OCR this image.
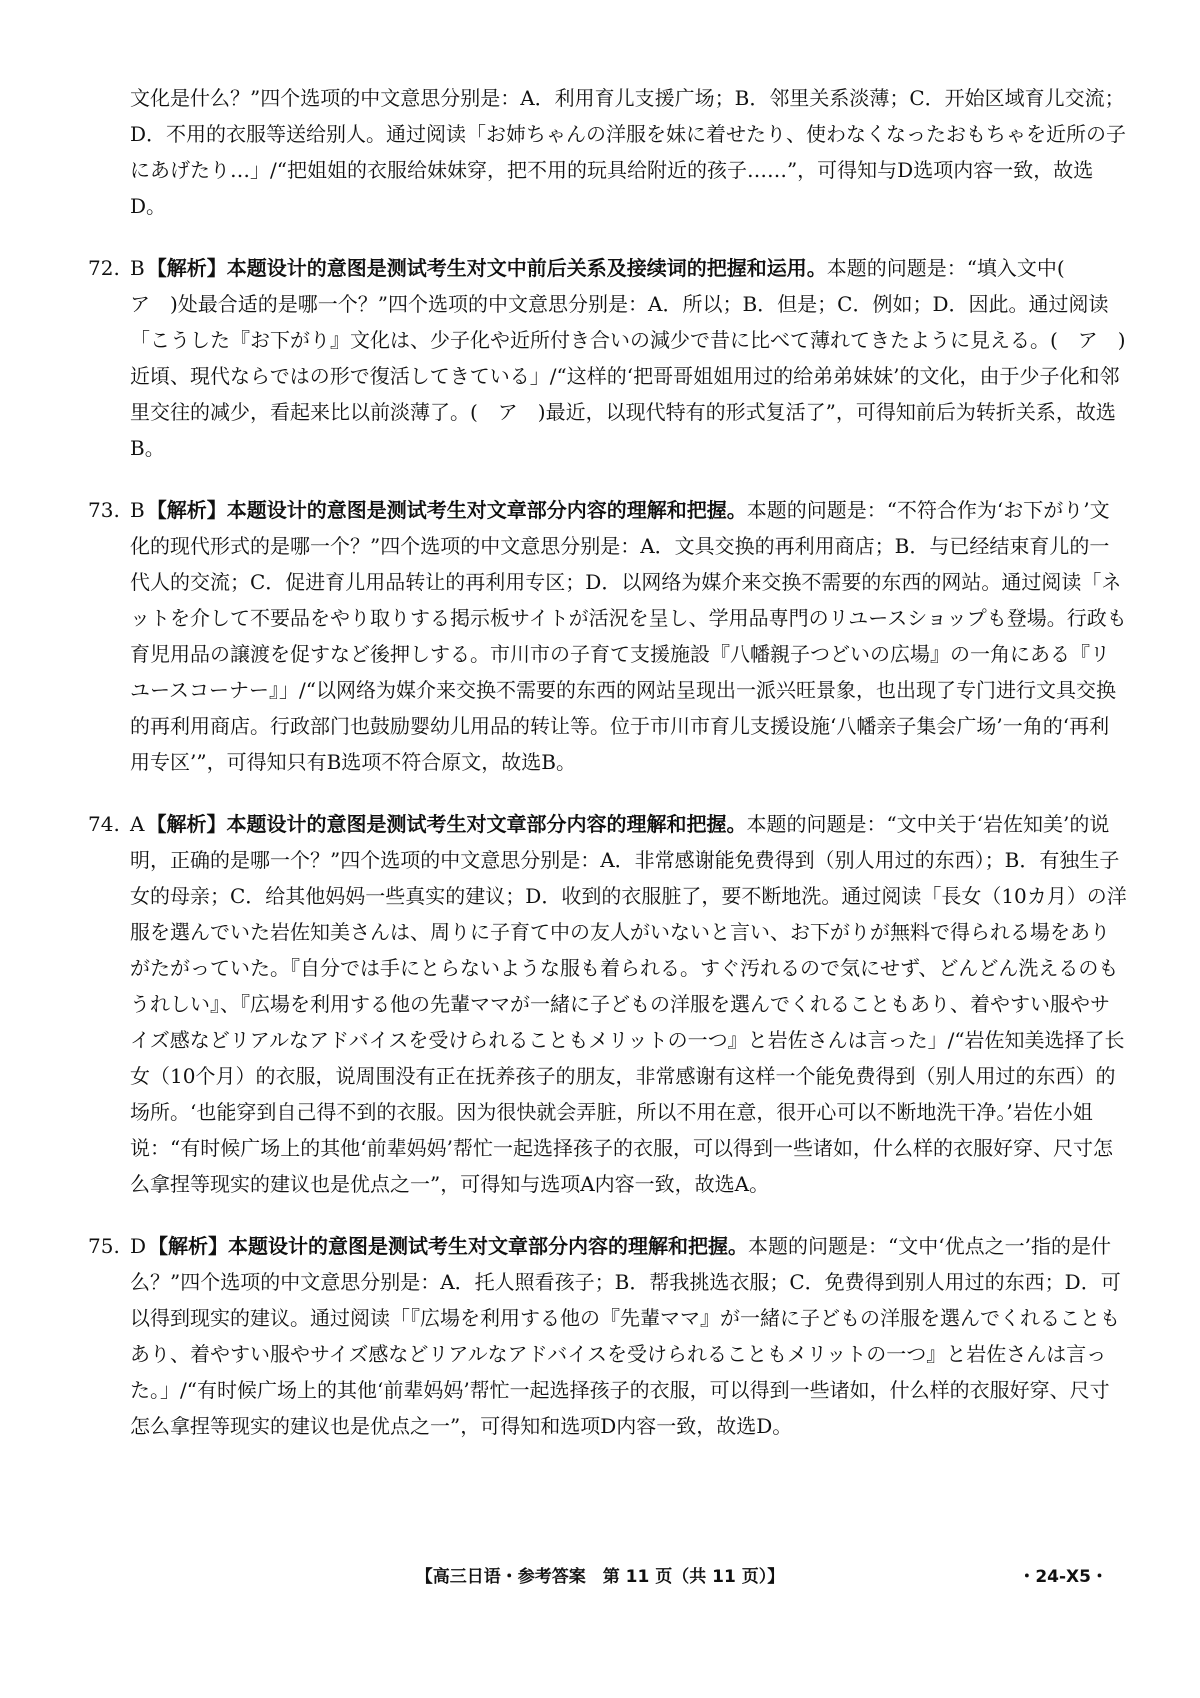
文化是什么？”四个选项的中文意思分别是：A．利用育儿支援广场；B．邻里关系淡薄；C．开始区域育儿交流；D．不用的衣服等送给别人。通过阅读「お姉ちゃんの洋服を妹に着せたり、使わなくなったおもちゃを近所の子にあげたり…」/“把姐姐的衣服给妹妹穿，把不用的玩具给附近的孩子……”，可得知与D选项内容一致，故选D。
72. B 【解析】本题设计的意图是测试考生对文中前后关系及接续词的把握和运用。本题的问题是：“填入文中(　ア　)处最合适的是哪一个？”四个选项的中文意思分别是：A．所以；B．但是；C．例如；D．因此。通过阅读「こうした『お下がり』文化は、少子化や近所付き合いの減少で昔に比べて薄れてきたように見える。(　ア　)近頃、現代ならではの形で復活してきている」/“这样的‘把哥哥姐姐用过的给弟弟妹妹’的文化，由于少子化和邻里交往的减少，看起来比以前淡薄了。(　ア　)最近，以现代特有的形式复活了”，可得知前后为转折关系，故选B。
73. B 【解析】本题设计的意图是测试考生对文章部分内容的理解和把握。本题的问题是：“不符合作为‘お下がり’文化的现代形式的是哪一个？”四个选项的中文意思分别是：A．文具交换的再利用商店；B．与已经结束育儿的一代人的交流；C．促进育儿用品转让的再利用专区；D．以网络为媒介来交换不需要的东西的网站。通过阅读「ネットを介して不要品をやり取りする掲示板サイトが活況を呈し、学用品専門のリユースショップも登場。行政も育児用品の譲渡を促すなど後押しする。市川市の子育て支援施設『八幡親子つどいの広場』の一角にある『リユースコーナー』」/“以网络为媒介来交换不需要的东西的网站呈现出一派兴旺景象，也出现了专门进行文具交换的再利用商店。行政部门也鼓励婴幼儿用品的转让等。位于市川市育儿支援设施‘八幡亲子集会广场’一角的‘再利用专区’”，可得知只有B选项不符合原文，故选B。
74. A 【解析】本题设计的意图是测试考生对文章部分内容的理解和把握。本题的问题是：“文中关于‘岩佐知美’的说明，正确的是哪一个？”四个选项的中文意思分别是：A．非常感谢能免费得到（别人用过的东西）；B．有独生子女的母亲；C．给其他妈妈一些真实的建议；D．收到的衣服脏了，要不断地洗。通过阅读「長女（10カ月）の洋服を選んでいた岩佐知美さんは、周りに子育て中の友人がいないと言い、お下がりが無料で得られる場をありがたがっていた。『自分では手にとらないような服も着られる。すぐ汚れるので気にせず、どんどん洗えるのもうれしい』、『広場を利用する他の先輩ママが一緒に子どもの洋服を選んでくれることもあり、着やすい服やサイズ感などリアルなアドバイスを受けられることもメリットの一つ』と岩佐さんは言った」/“岩佐知美选择了长女（10个月）的衣服，说周围没有正在抚养孩子的朋友，非常感谢有这样一个能免费得到（别人用过的东西）的场所。‘也能穿到自己得不到的衣服。因为很快就会弄脏，所以不用在意，很开心可以不断地洗干净。’岩佐小姐说：“有时候广场上的其他‘前辈妈妈’帮忙一起选择孩子的衣服，可以得到一些诸如，什么样的衣服好穿、尺寸怎么拿捏等现实的建议也是优点之一”，可得知与选项A内容一致，故选A。
75. D 【解析】本题设计的意图是测试考生对文章部分内容的理解和把握。本题的问题是：“文中‘优点之一’指的是什么？”四个选项的中文意思分别是：A．托人照看孩子；B．帮我挑选衣服；C．免费得到别人用过的东西；D．可以得到现实的建议。通过阅读「『広場を利用する他の『先輩ママ』が一緒に子どもの洋服を選んでくれることもあり、着やすい服やサイズ感などリアルなアドバイスを受けられることもメリットの一つ』と岩佐さんは言った。」/“有时候广场上的其他‘前辈妈妈’帮忙一起选择孩子的衣服，可以得到一些诸如，什么样的衣服好穿、尺寸怎么拿捏等现实的建议也是优点之一”，可得知和选项D内容一致，故选D。
【高三日语・参考答案　第 11 页（共 11 页）】	・24-X5・
